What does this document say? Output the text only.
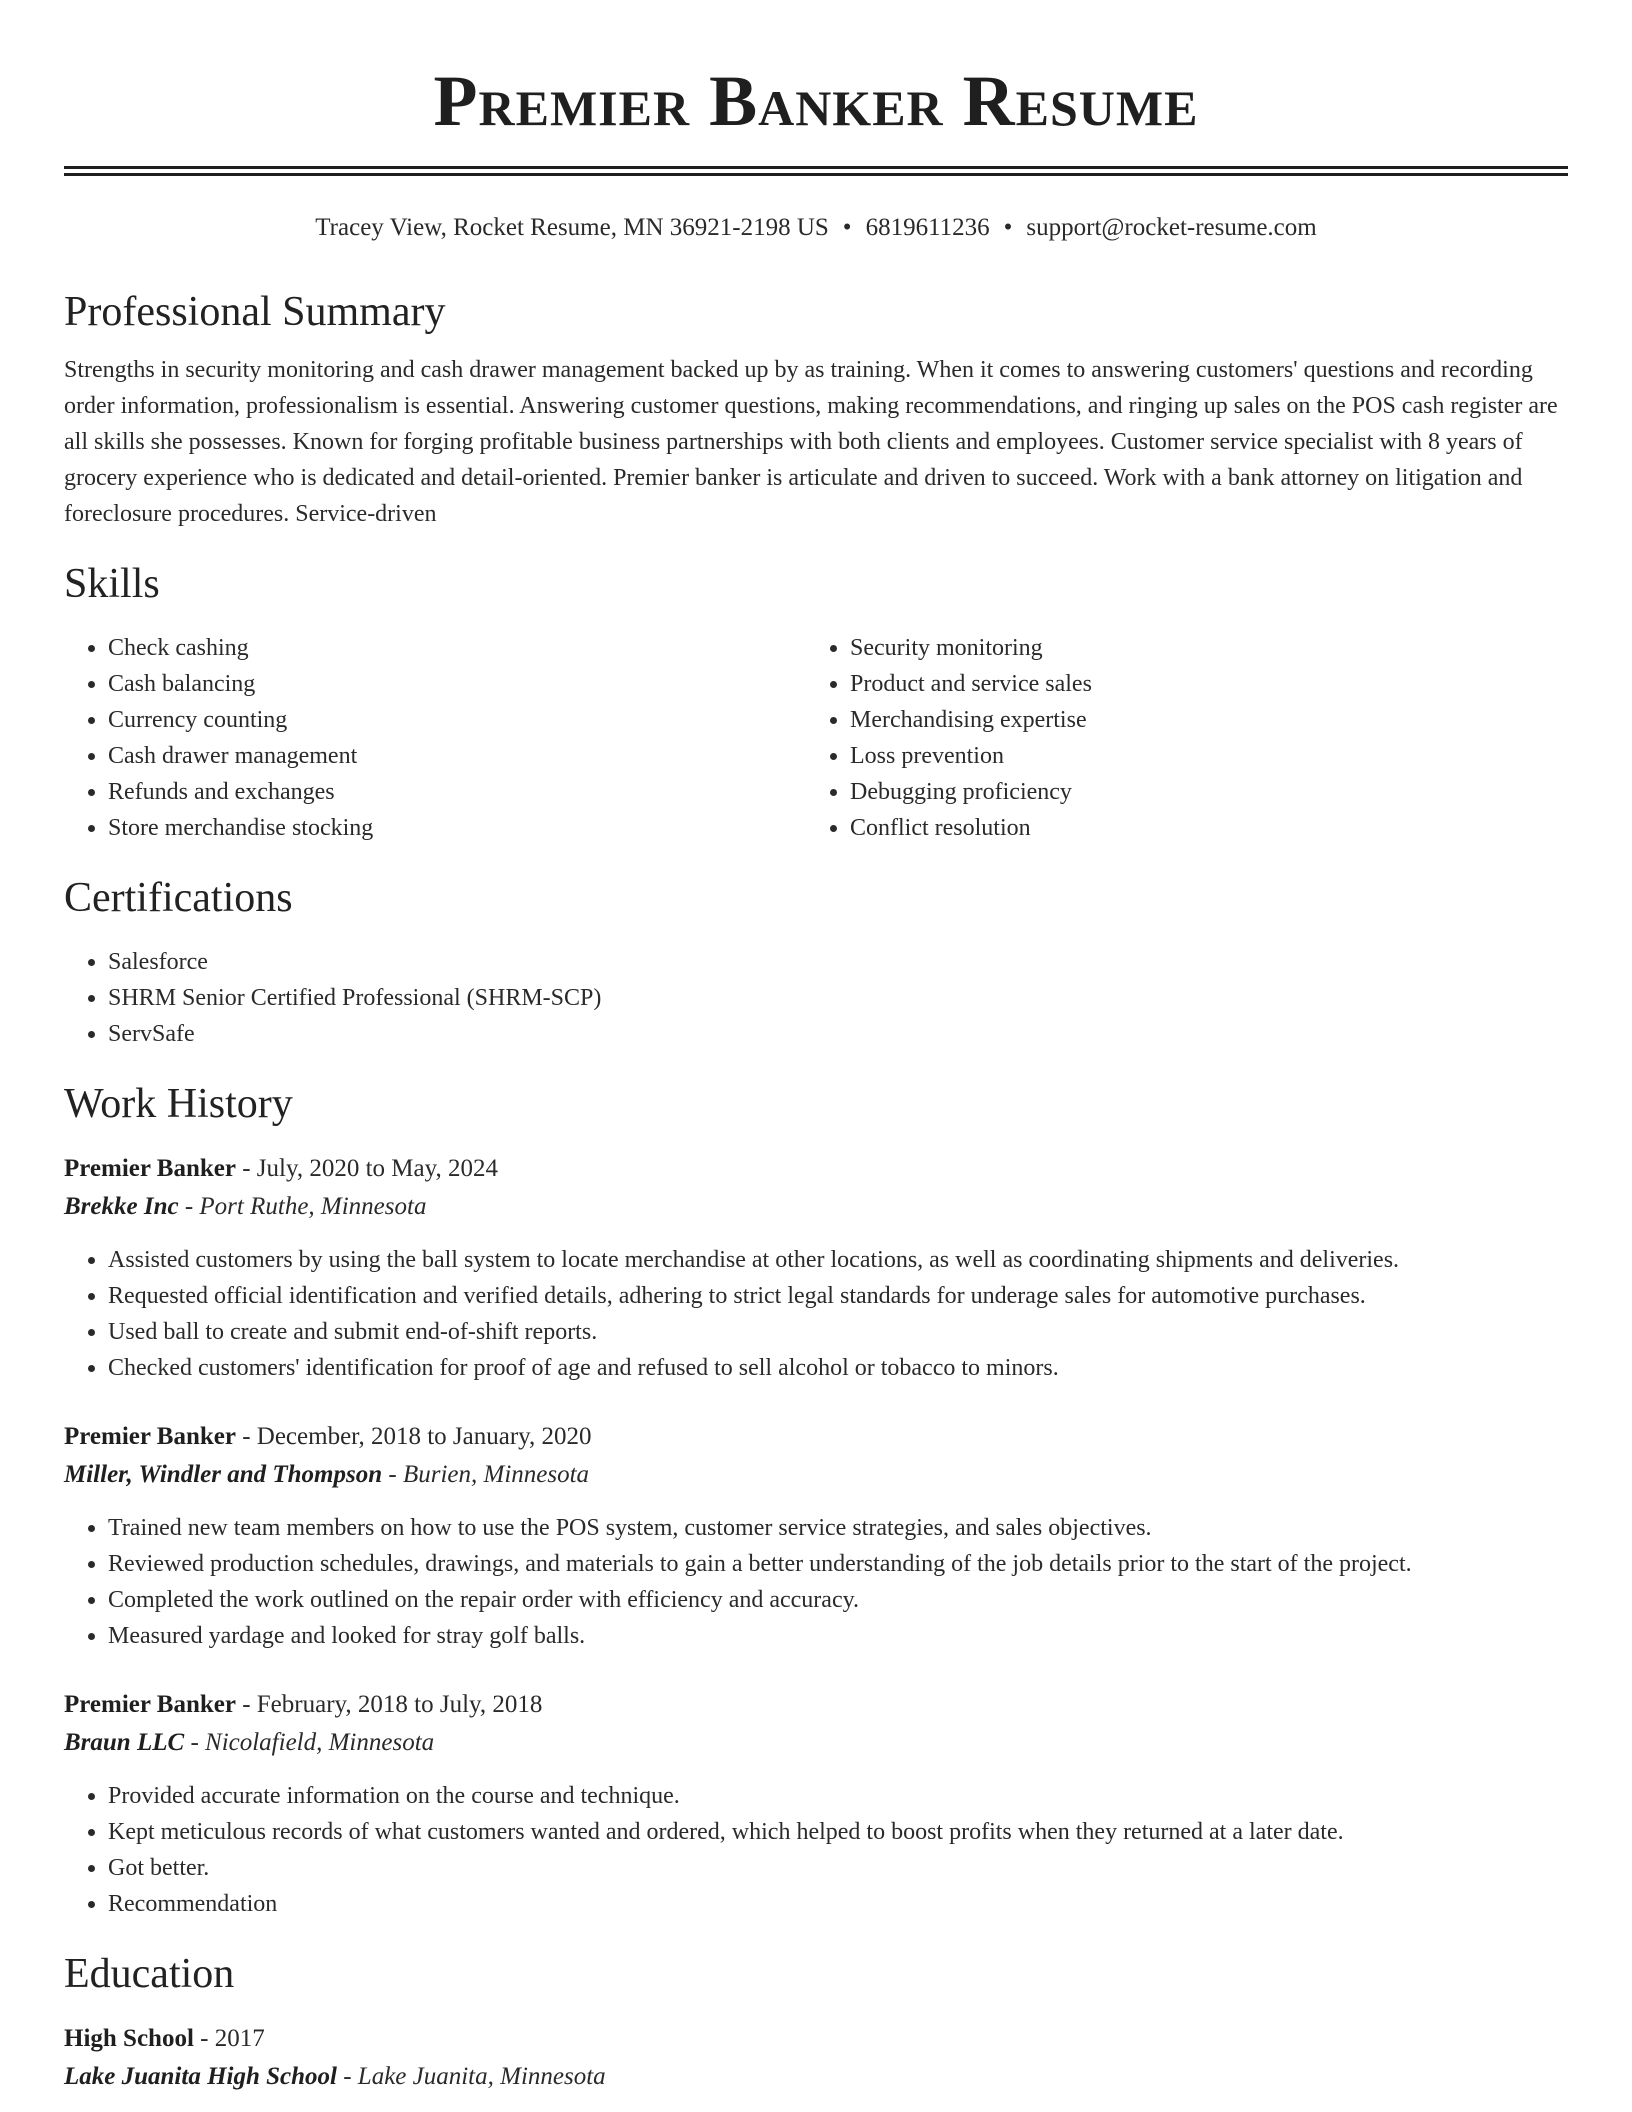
Premier Banker Resume
Tracey View, Rocket Resume, MN 36921-2198 US • 6819611236 • support@rocket-resume.com
Professional Summary

Strengths in security monitoring and cash drawer management backed up by as training. When it comes to answering customers' questions and recording order information, professionalism is essential. Answering customer questions, making recommendations, and ringing up sales on the POS cash register are all skills she possesses. Known for forging profitable business partnerships with both clients and employees. Customer service specialist with 8 years of grocery experience who is dedicated and detail-oriented. Premier banker is articulate and driven to succeed. Work with a bank attorney on litigation and foreclosure procedures. Service-driven

Skills
• Check cashing
• Cash balancing
• Currency counting
• Cash drawer management
• Refunds and exchanges
• Store merchandise stocking
• Security monitoring
• Product and service sales
• Merchandising expertise
• Loss prevention
• Debugging proficiency
• Conflict resolution
Certifications
• Salesforce
• SHRM Senior Certified Professional (SHRM-SCP)
• ServSafe
Work History
Premier Banker - July, 2020 to May, 2024
Brekke Inc - Port Ruthe, Minnesota
• Assisted customers by using the ball system to locate merchandise at other locations, as well as coordinating shipments and deliveries.
• Requested official identification and verified details, adhering to strict legal standards for underage sales for automotive purchases.
• Used ball to create and submit end-of-shift reports.
• Checked customers' identification for proof of age and refused to sell alcohol or tobacco to minors.
Premier Banker - December, 2018 to January, 2020
Miller, Windler and Thompson - Burien, Minnesota
• Trained new team members on how to use the POS system, customer service strategies, and sales objectives.
• Reviewed production schedules, drawings, and materials to gain a better understanding of the job details prior to the start of the project.
• Completed the work outlined on the repair order with efficiency and accuracy.
• Measured yardage and looked for stray golf balls.
Premier Banker - February, 2018 to July, 2018
Braun LLC - Nicolafield, Minnesota
• Provided accurate information on the course and technique.
• Kept meticulous records of what customers wanted and ordered, which helped to boost profits when they returned at a later date.
• Got better.
• Recommendation
Education
High School - 2017
Lake Juanita High School - Lake Juanita, Minnesota
